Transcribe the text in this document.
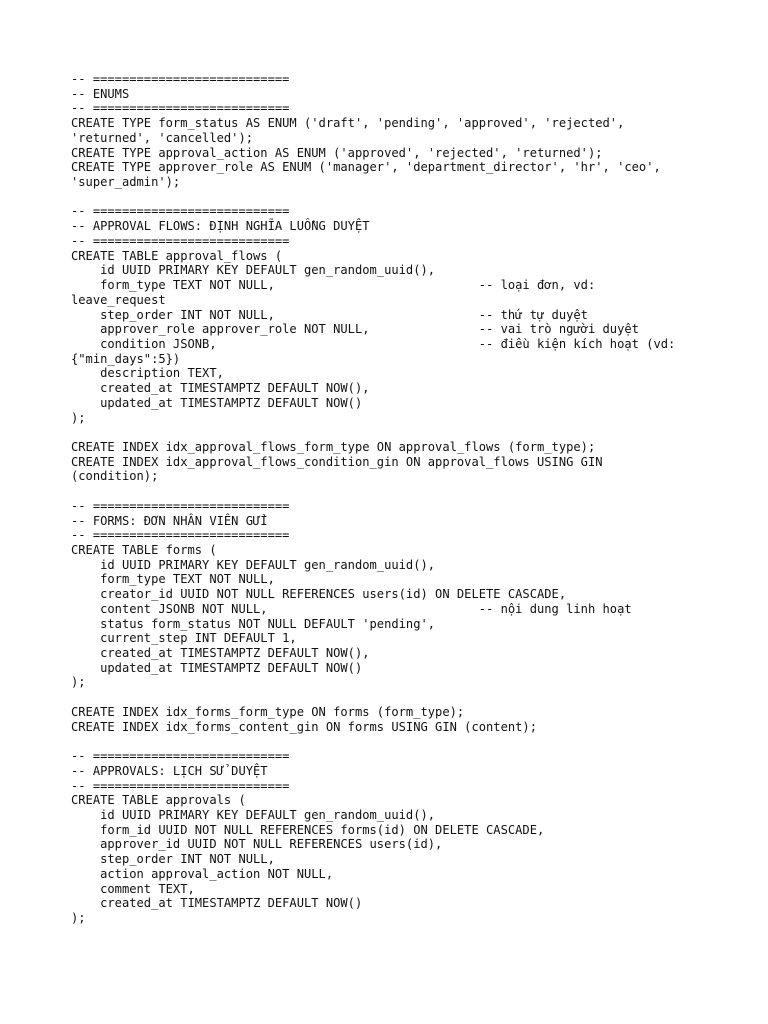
-- ===========================
-- ENUMS
-- ===========================
CREATE TYPE form_status AS ENUM ('draft', 'pending', 'approved', 'rejected',
'returned', 'cancelled');
CREATE TYPE approval_action AS ENUM ('approved', 'rejected', 'returned');
CREATE TYPE approver_role AS ENUM ('manager', 'department_director', 'hr', 'ceo',
'super_admin');

-- ===========================
-- APPROVAL FLOWS: ĐỊNH NGHĨA LUỒNG DUYỆT
-- ===========================
CREATE TABLE approval_flows (
id UUID PRIMARY KEY DEFAULT gen_random_uuid(),
form_type TEXT NOT NULL,                            -- loại đơn, vd:
leave_request
step_order INT NOT NULL,                            -- thứ tự duyệt
approver_role approver_role NOT NULL,               -- vai trò người duyệt
condition JSONB,                                    -- điều kiện kích hoạt (vd:
{"min_days":5})
description TEXT,
created_at TIMESTAMPTZ DEFAULT NOW(),
updated_at TIMESTAMPTZ DEFAULT NOW()
);

CREATE INDEX idx_approval_flows_form_type ON approval_flows (form_type);
CREATE INDEX idx_approval_flows_condition_gin ON approval_flows USING GIN
(condition);

-- ===========================
-- FORMS: ĐƠN NHÂN VIÊN GỬI
-- ===========================
CREATE TABLE forms (
id UUID PRIMARY KEY DEFAULT gen_random_uuid(),
form_type TEXT NOT NULL,
creator_id UUID NOT NULL REFERENCES users(id) ON DELETE CASCADE,
content JSONB NOT NULL,                             -- nội dung linh hoạt
status form_status NOT NULL DEFAULT 'pending',
current_step INT DEFAULT 1,
created_at TIMESTAMPTZ DEFAULT NOW(),
updated_at TIMESTAMPTZ DEFAULT NOW()
);

CREATE INDEX idx_forms_form_type ON forms (form_type);
CREATE INDEX idx_forms_content_gin ON forms USING GIN (content);

-- ===========================
-- APPROVALS: LỊCH SỬ DUYỆT
-- ===========================
CREATE TABLE approvals (
id UUID PRIMARY KEY DEFAULT gen_random_uuid(),
form_id UUID NOT NULL REFERENCES forms(id) ON DELETE CASCADE,
approver_id UUID NOT NULL REFERENCES users(id),
step_order INT NOT NULL,
action approval_action NOT NULL,
comment TEXT,
created_at TIMESTAMPTZ DEFAULT NOW()
);
